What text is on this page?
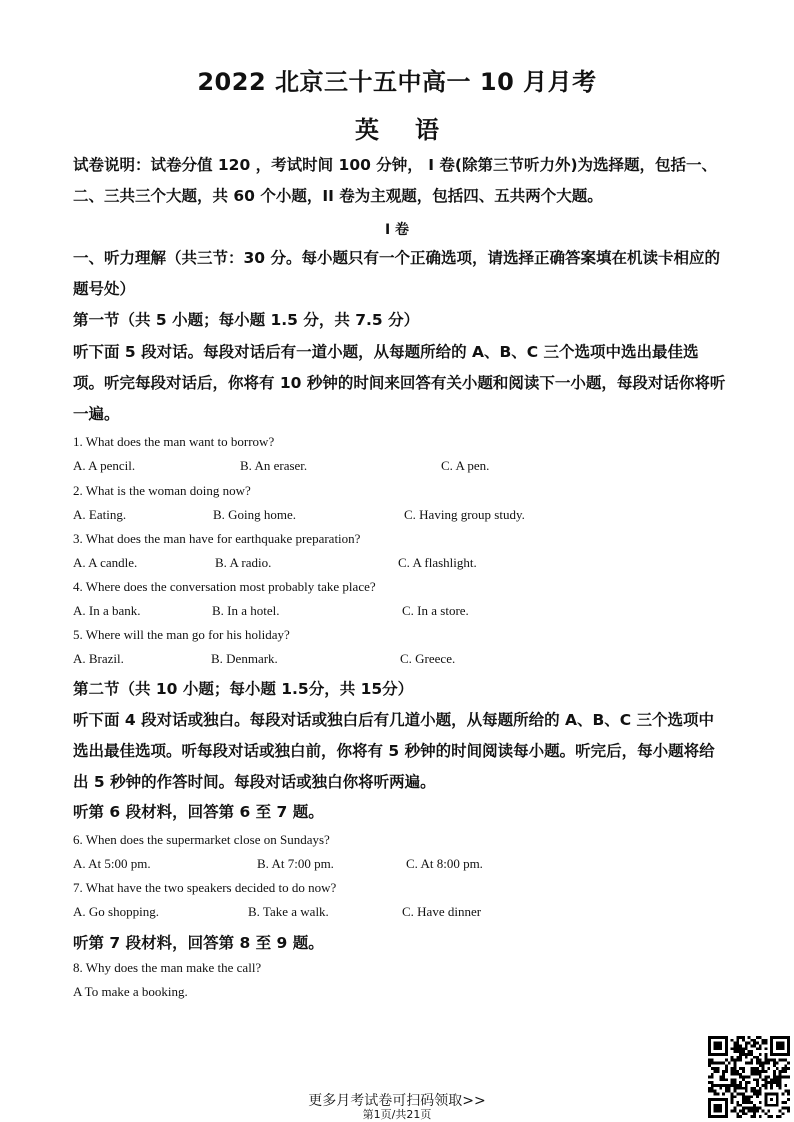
2022 北京三十五中高一 10 月月考
英语
试卷说明：试卷分值 120 ，考试时间 100 分钟， I 卷(除第三节听力外)为选择题，包括一、二、三共三个大题，共 60 个小题，II 卷为主观题，包括四、五共两个大题。
I 卷
一、听力理解（共三节：30 分。每小题只有一个正确选项，请选择正确答案填在机读卡相应的题号处）
第一节（共 5 小题；每小题 1.5 分，共 7.5 分）
听下面 5 段对话。每段对话后有一道小题，从每题所给的 A、B、C 三个选项中选出最佳选项。听完每段对话后，你将有 10 秒钟的时间来回答有关小题和阅读下一小题，每段对话你将听一遍。
1. What does the man want to borrow?
A. A pencil.	B. An eraser.	C. A pen.
2. What is the woman doing now?
A. Eating.	B. Going home.	C. Having group study.
3. What does the man have for earthquake preparation?
A. A candle.	B. A radio.	C. A flashlight.
4. Where does the conversation most probably take place?
A. In a bank.	B. In a hotel.	C. In a store.
5. Where will the man go for his holiday?
A. Brazil.	B. Denmark.	C. Greece.
第二节（共 10 小题；每小题 1.5分，共 15分）
听下面 4 段对话或独白。每段对话或独白后有几道小题，从每题所给的 A、B、C 三个选项中选出最佳选项。听每段对话或独白前，你将有 5 秒钟的时间阅读每小题。听完后，每小题将给出 5 秒钟的作答时间。每段对话或独白你将听两遍。
听第 6 段材料，回答第 6 至 7 题。
6. When does the supermarket close on Sundays?
A. At 5:00 pm.	B. At 7:00 pm.	C. At 8:00 pm.
7. What have the two speakers decided to do now?
A. Go shopping.	B. Take a walk.	C. Have dinner
听第 7 段材料，回答第 8 至 9 题。
8. Why does the man make the call?
A To make a booking.
更多月考试卷可扫码领取>>
第1页/共21页
